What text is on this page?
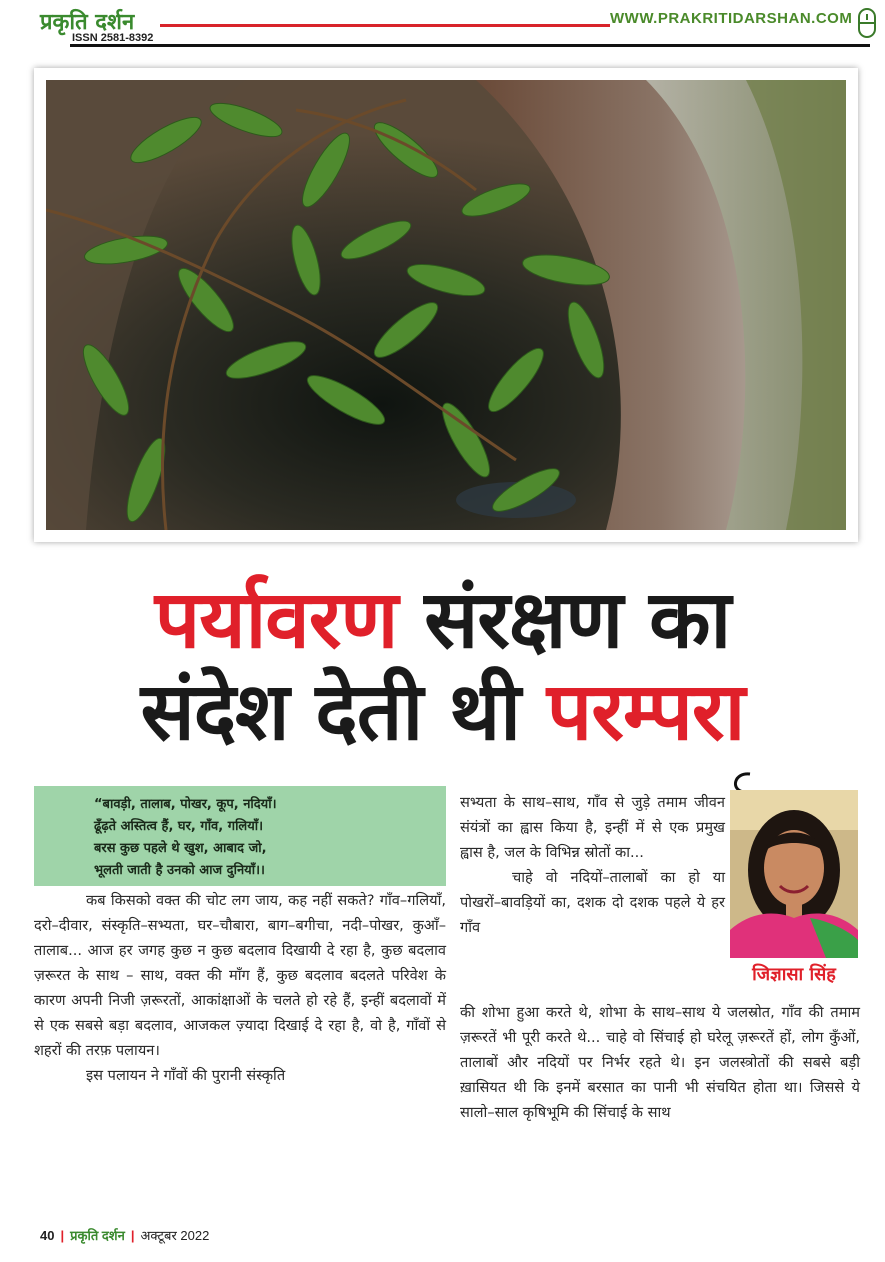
प्रकृति दर्शन
ISSN 2581-8392
WWW.PRAKRITIDARSHAN.COM
पर्यावरण संरक्षण का
संदेश देती थी परम्परा
“बावड़ी, तालाब, पोखर, कूप, नदियाँ।
ढूँढ़ते अस्तित्व हैं, घर, गाँव, गलियाँ।
बरस कुछ पहले थे खुश, आबाद जो,
भूलती जाती है उनको आज दुनियाँ।।

कब किसको वक्त की चोट लग जाय, कह नहीं सकते? गाँव–गलियाँ, दरो–दीवार, संस्कृति–सभ्यता, घर–चौबारा, बाग–बगीचा, नदी–पोखर, कुआँ–तालाब... आज हर जगह कुछ न कुछ बदलाव दिखायी दे रहा है, कुछ बदलाव ज़रूरत के साथ – साथ, वक्त की माँग हैं, कुछ बदलाव बदलते परिवेश के कारण अपनी निजी ज़रूरतों, आकांक्षाओं के चलते हो रहे हैं, इन्हीं बदलावों में से एक सबसे बड़ा बदलाव, आजकल ज़्यादा दिखाई दे रहा है, वो है, गाँवों से शहरों की तरफ़ पलायन।

इस पलायन ने गाँवों की पुरानी संस्कृति

सभ्यता के साथ–साथ, गाँव से जुड़े तमाम जीवन संयंत्रों का ह्वास किया है, इन्हीं में से एक प्रमुख ह्वास है, जल के विभिन्न स्रोतों का...

चाहे वो नदियों–तालाबों का हो या पोखरों–बावड़ियों का, दशक दो दशक पहले ये हर गाँव

की शोभा हुआ करते थे, शोभा के साथ–साथ ये जलस्रोत, गाँव की तमाम ज़रूरतें भी पूरी करते थे... चाहे वो सिंचाई हो घरेलू ज़रूरतें हों, लोग कुँओं, तालाबों और नदियों पर निर्भर रहते थे। इन जलस्त्रोतों की सबसे बड़ी ख़ासियत थी कि इनमें बरसात का पानी भी संचयित होता था। जिससे ये सालो–साल कृषिभूमि की सिंचाई के साथ

जिज्ञासा सिंह
40 | प्रकृति दर्शन | अक्टूबर 2022
